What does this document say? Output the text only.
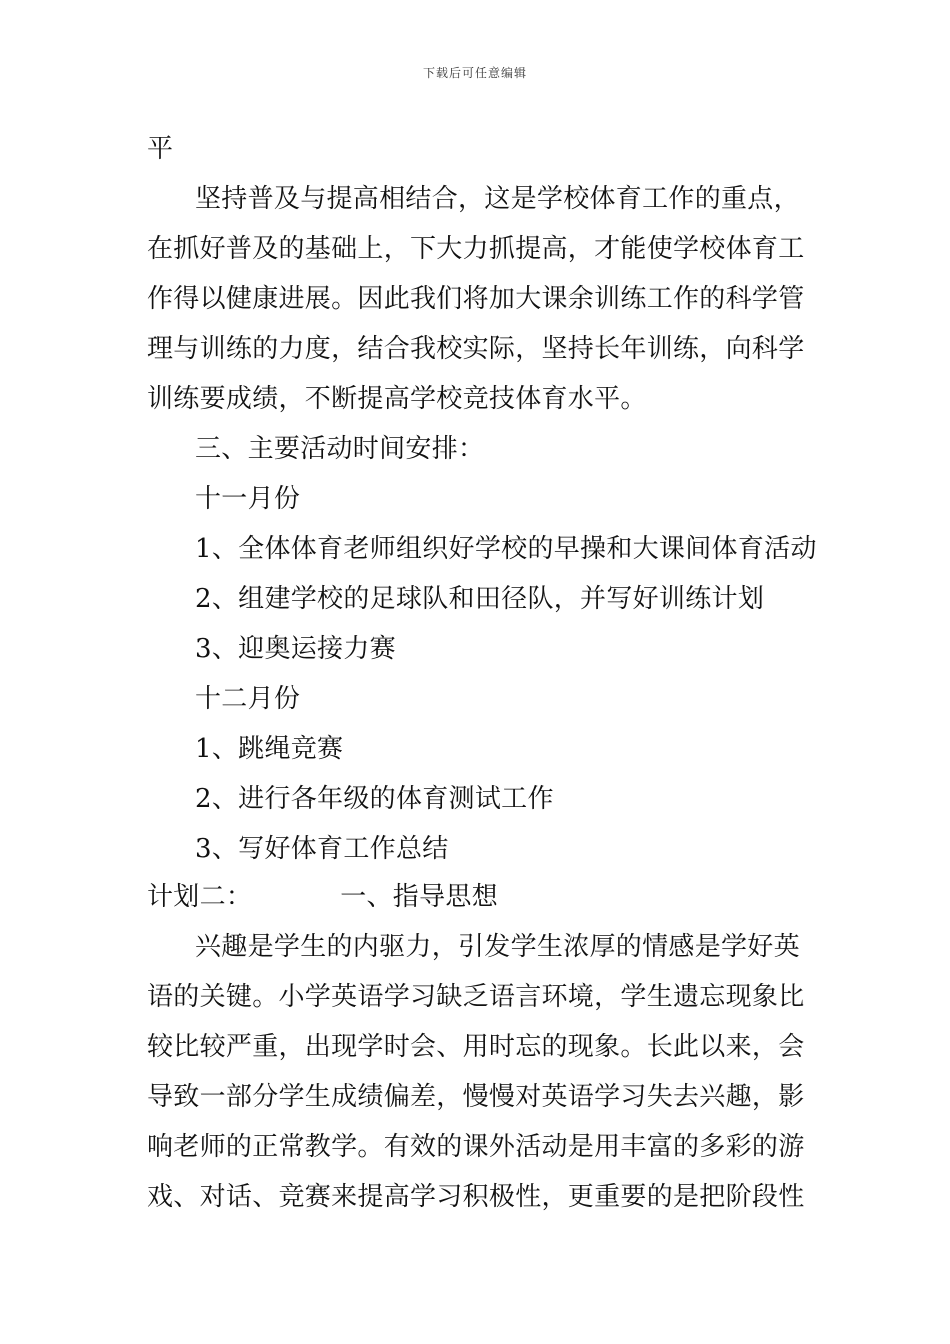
下载后可任意编辑
平
坚持普及与提高相结合，这是学校体育工作的重点，
在抓好普及的基础上，下大力抓提高，才能使学校体育工
作得以健康进展。因此我们将加大课余训练工作的科学管
理与训练的力度，结合我校实际，坚持长年训练，向科学
训练要成绩，不断提高学校竞技体育水平。
三、主要活动时间安排：
十一月份
1、全体体育老师组织好学校的早操和大课间体育活动
2、组建学校的足球队和田径队，并写好训练计划
3、迎奥运接力赛
十二月份
1、跳绳竞赛
2、进行各年级的体育测试工作
3、写好体育工作总结
计划二：	一、指导思想
兴趣是学生的内驱力，引发学生浓厚的情感是学好英
语的关键。小学英语学习缺乏语言环境，学生遗忘现象比
较比较严重，出现学时会、用时忘的现象。长此以来，会
导致一部分学生成绩偏差，慢慢对英语学习失去兴趣，影
响老师的正常教学。有效的课外活动是用丰富的多彩的游
戏、对话、竞赛来提高学习积极性，更重要的是把阶段性
